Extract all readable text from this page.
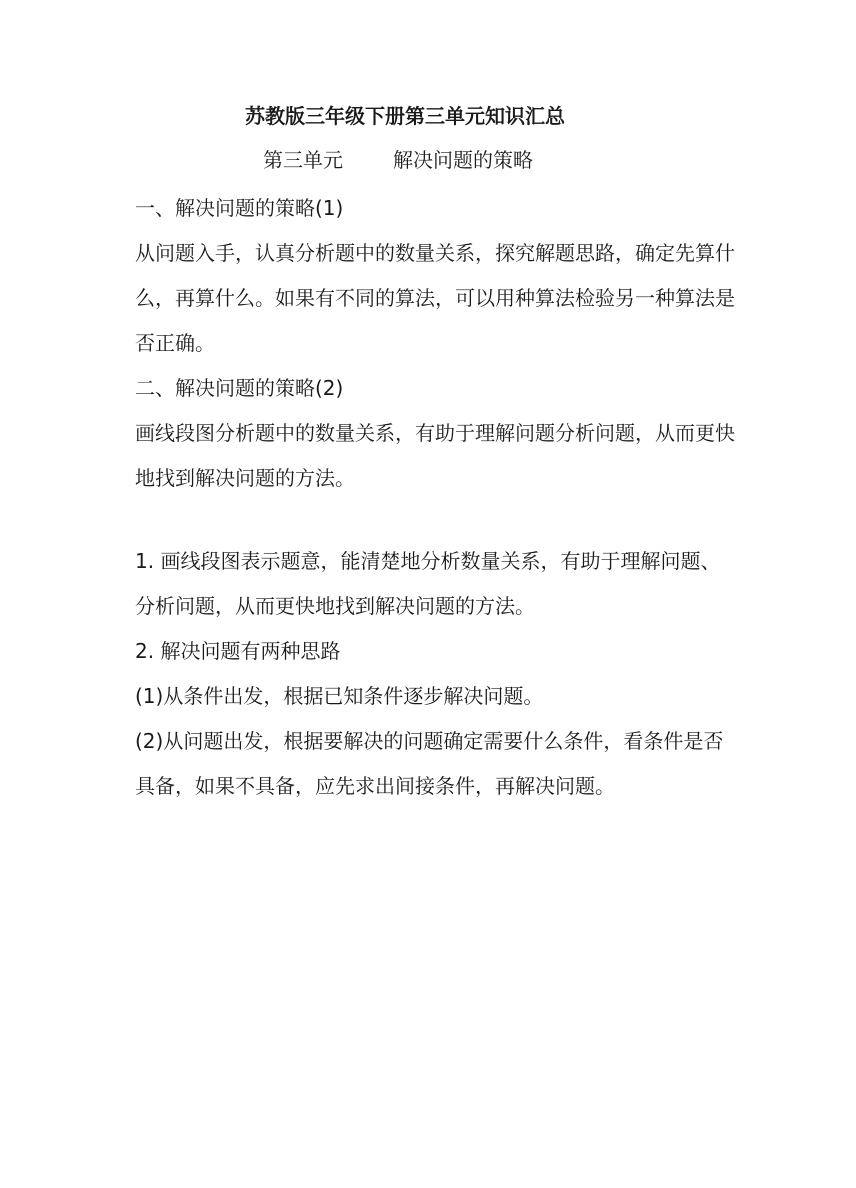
苏教版三年级下册第三单元知识汇总
第三单元	解决问题的策略

一、解决问题的策略(1)

从问题入手，认真分析题中的数量关系，探究解题思路，确定先算什

么，再算什么。如果有不同的算法，可以用种算法检验另一种算法是

否正确。

二、解决问题的策略(2)

画线段图分析题中的数量关系，有助于理解问题分析问题，从而更快

地找到解决问题的方法。

1. 画线段图表示题意，能清楚地分析数量关系，有助于理解问题、

分析问题，从而更快地找到解决问题的方法。

2. 解决问题有两种思路

(1)从条件出发，根据已知条件逐步解决问题。

(2)从问题出发，根据要解决的问题确定需要什么条件，看条件是否

具备，如果不具备，应先求出间接条件，再解决问题。
